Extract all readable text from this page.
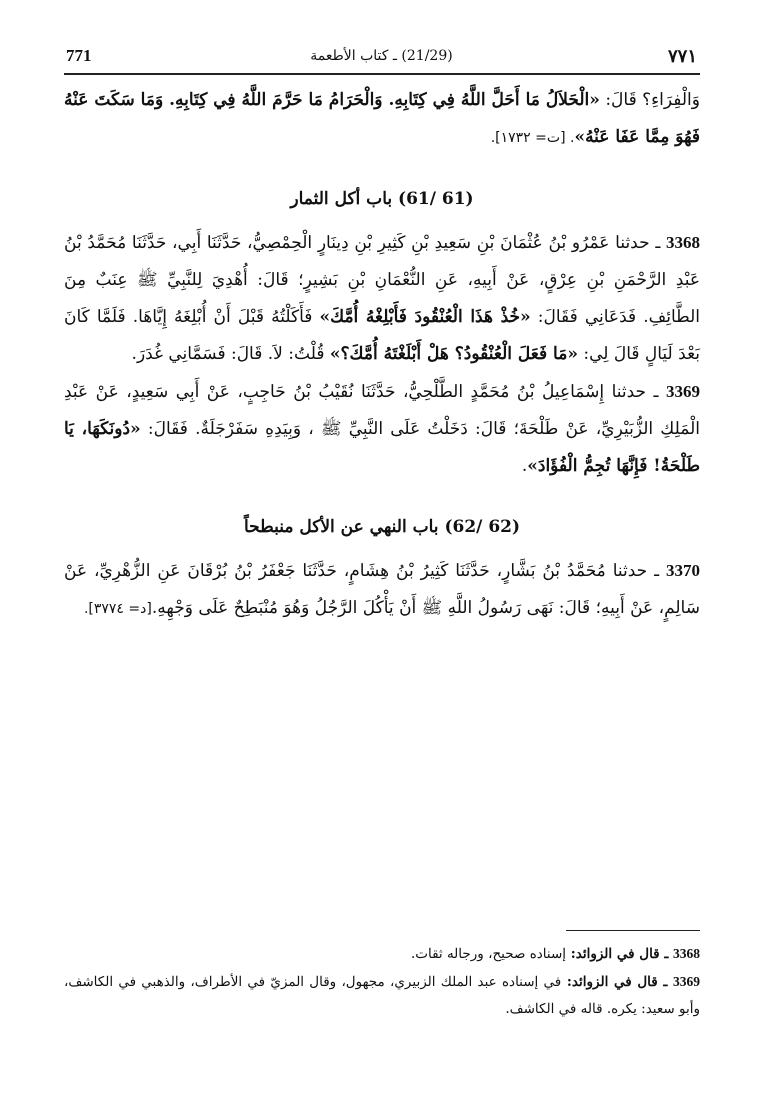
771	(21/29) ـ كتاب الأطعمة	٧٧١

وَالْفِرَاءِ؟ قَالَ: «الْحَلاَلُ مَا أَحَلَّ اللَّهُ فِي كِتَابِهِ. وَالْحَرَامُ مَا حَرَّمَ اللَّهُ فِي كِتَابِهِ. وَمَا سَكَتَ عَنْهُ فَهُوَ مِمَّا عَفَا عَنْهُ». [ت= ١٧٣٢].

(61 /61) باب أكل الثمار

3368 ـ حدثنا عَمْرُو بْنُ عُثْمَانَ بْنِ سَعِيدِ بْنِ كَثِيرِ بْنِ دِينَارٍ الْحِمْصِيُّ، حَدَّثَنَا أَبِي، حَدَّثَنَا مُحَمَّدُ بْنُ عَبْدِ الرَّحْمَنِ بْنِ عِرْقٍ، عَنْ أَبِيهِ، عَنِ النُّعْمَانِ بْنِ بَشِيرٍ؛ قَالَ: أُهْدِيَ لِلنَّبِيِّ ﷺ عِنَبٌ مِنَ الطَّائِفِ. فَدَعَانِي فَقَالَ: «خُذْ هَذَا الْعُنْقُودَ فَأَبْلِغْهُ أُمَّكَ» فَأَكَلْتُهُ قَبْلَ أَنْ أُبْلِغَهُ إِيَّاهَا. فَلَمَّا كَانَ بَعْدَ لَيَالٍ قَالَ لِي: «مَا فَعَلَ الْعُنْقُودُ؟ هَلْ أَبْلَغْتَهُ أُمَّكَ؟» قُلْتُ: لاَ. قَالَ: فَسَمَّانِي غُدَرَ.

3369 ـ حدثنا إِسْمَاعِيلُ بْنُ مُحَمَّدٍ الطَّلْحِيُّ، حَدَّثَنَا نُقَيْبُ بْنُ حَاجِبٍ، عَنْ أَبِي سَعِيدٍ، عَنْ عَبْدِ الْمَلِكِ الزُّبَيْرِيِّ، عَنْ طَلْحَةَ؛ قَالَ: دَخَلْتُ عَلَى النَّبِيِّ ﷺ ، وَبِيَدِهِ سَفَرْجَلَةٌ. فَقَالَ: «دُونَكَهَا، يَا طَلْحَةُ! فَإِنَّهَا تُجِمُّ الْفُؤَادَ».

(62 /62) باب النهي عن الأكل منبطحاً

3370 ـ حدثنا مُحَمَّدُ بْنُ بَشَّارٍ، حَدَّثَنَا كَثِيرُ بْنُ هِشَامٍ، حَدَّثَنَا جَعْفَرُ بْنُ بُرْقَانَ عَنِ الزُّهْرِيِّ، عَنْ سَالِمٍ، عَنْ أَبِيهِ؛ قَالَ: نَهَى رَسُولُ اللَّهِ ﷺ أَنْ يَأْكُلَ الرَّجُلُ وَهُوَ مُنْبَطِحٌ عَلَى وَجْهِهِ.[د= ٣٧٧٤].

3368 ـ قال في الزوائد: إسناده صحيح، ورجاله ثقات.
3369 ـ قال في الزوائد: في إسناده عبد الملك الزبيري، مجهول، وقال المزيّ في الأطراف، والذهبي في الكاشف، وأبو سعيد: يكره. قاله في الكاشف.
